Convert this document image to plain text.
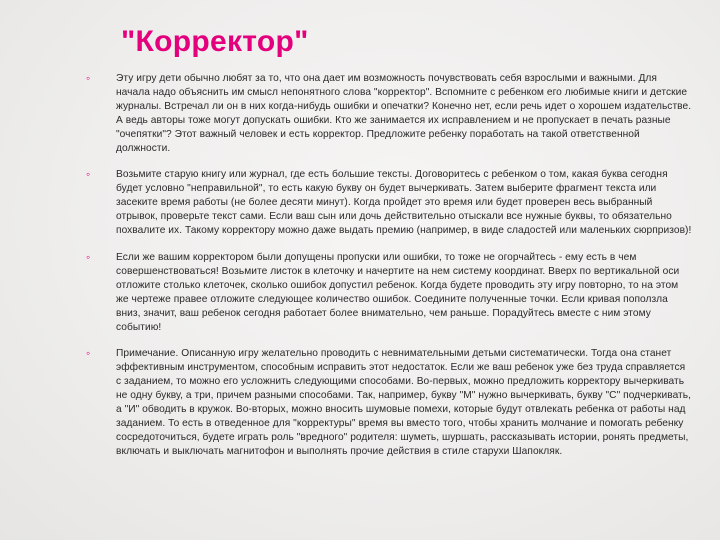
"Корректор"
◦	Эту игру дети обычно любят за то, что она дает им возможность почувствовать себя взрослыми и важными. Для начала надо объяснить им смысл непонятного слова "корректор". Вспомните с ребенком его любимые книги и детские журналы. Встречал ли он в них когда-нибудь ошибки и опечатки? Конечно нет, если речь идет о хорошем издательстве. А ведь авторы тоже могут допускать ошибки. Кто же занимается их исправлением и не пропускает в печать разные "очепятки"? Этот важный человек и есть корректор. Предложите ребенку поработать на такой ответственной должности.
◦	Возьмите старую книгу или журнал, где есть большие тексты. Договоритесь с ребенком о том, какая буква сегодня будет условно "неправильной", то есть какую букву он будет вычеркивать. Затем выберите фрагмент текста или засеките время работы (не более десяти минут). Когда пройдет это время или будет проверен весь выбранный отрывок, проверьте текст сами. Если ваш сын или дочь действительно отыскали все нужные буквы, то обязательно похвалите их. Такому корректору можно даже выдать премию (например, в виде сладостей или маленьких сюрпризов)!
◦	Если же вашим корректором были допущены пропуски или ошибки, то тоже не огорчайтесь - ему есть в чем совершенствоваться! Возьмите листок в клеточку и начертите на нем систему координат. Вверх по вертикальной оси отложите столько клеточек, сколько ошибок допустил ребенок. Когда будете проводить эту игру повторно, то на этом же чертеже правее отложите следующее количество ошибок. Соедините полученные точки. Если кривая поползла вниз, значит, ваш ребенок сегодня работает более внимательно, чем раньше. Порадуйтесь вместе с ним этому событию!
◦	Примечание. Описанную игру желательно проводить с невнимательными детьми систематически. Тогда она станет эффективным инструментом, способным исправить этот недостаток. Если же ваш ребенок уже без труда справляется с заданием, то можно его усложнить следующими способами. Во-первых, можно предложить корректору вычеркивать не одну букву, а три, причем разными способами. Так, например, букву "М" нужно вычеркивать, букву "С" подчеркивать, а "И" обводить в кружок. Во-вторых, можно вносить шумовые помехи, которые будут отвлекать ребенка от работы над заданием. То есть в отведенное для "корректуры" время вы вместо того, чтобы хранить молчание и помогать ребенку сосредоточиться, будете играть роль "вредного" родителя: шуметь, шуршать, рассказывать истории, ронять предметы, включать и выключать магнитофон и выполнять прочие действия в стиле старухи Шапокляк.
